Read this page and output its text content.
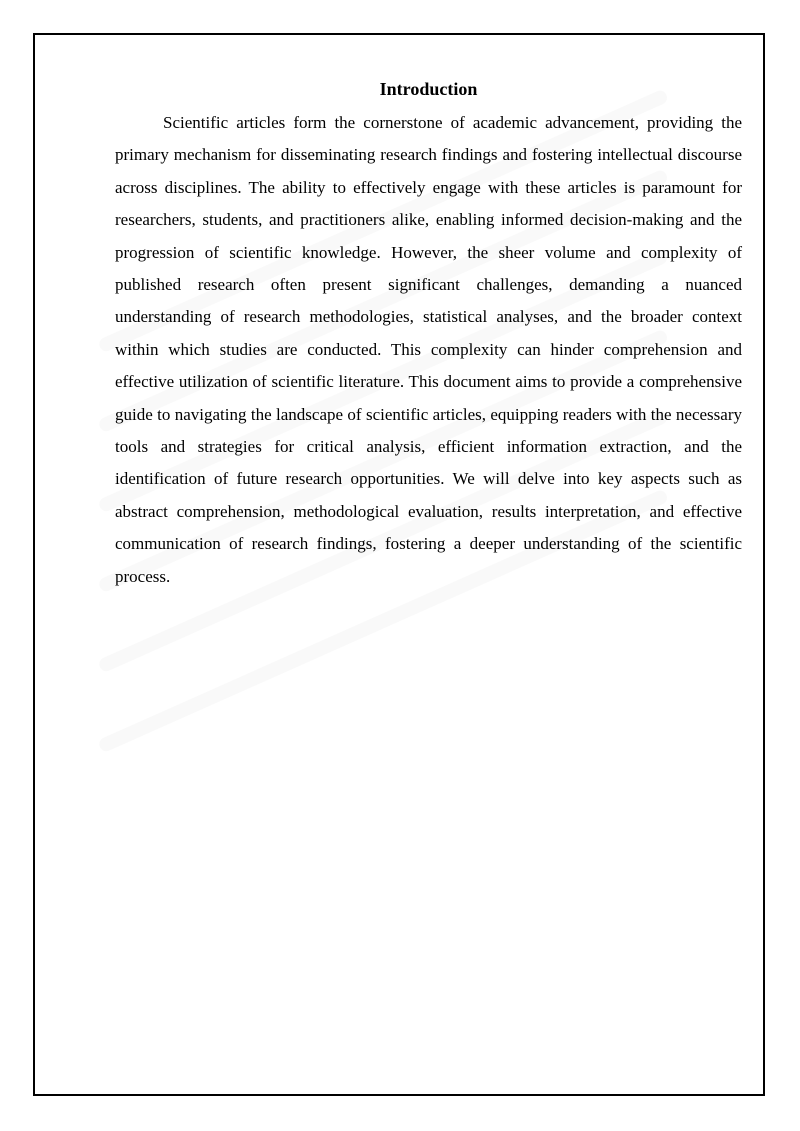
Introduction

Scientific articles form the cornerstone of academic advancement, providing the primary mechanism for disseminating research findings and fostering intellectual discourse across disciplines. The ability to effectively engage with these articles is paramount for researchers, students, and practitioners alike, enabling informed decision-making and the progression of scientific knowledge. However, the sheer volume and complexity of published research often present significant challenges, demanding a nuanced understanding of research methodologies, statistical analyses, and the broader context within which studies are conducted. This complexity can hinder comprehension and effective utilization of scientific literature. This document aims to provide a comprehensive guide to navigating the landscape of scientific articles, equipping readers with the necessary tools and strategies for critical analysis, efficient information extraction, and the identification of future research opportunities. We will delve into key aspects such as abstract comprehension, methodological evaluation, results interpretation, and effective communication of research findings, fostering a deeper understanding of the scientific process.
